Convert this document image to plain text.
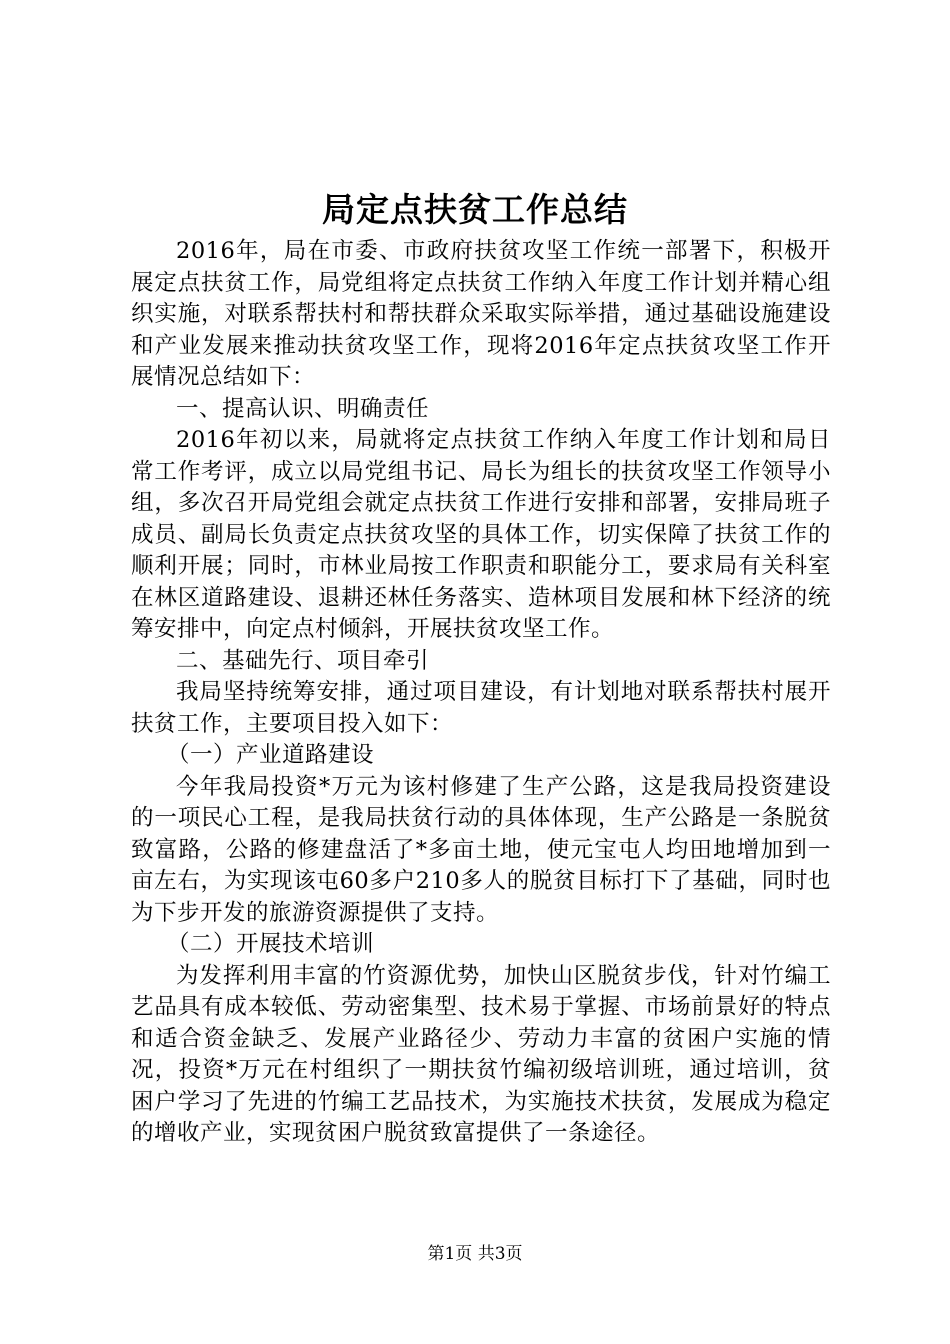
局定点扶贫工作总结

2016年，局在市委、市政府扶贫攻坚工作统一部署下，积极开展定点扶贫工作，局党组将定点扶贫工作纳入年度工作计划并精心组织实施，对联系帮扶村和帮扶群众采取实际举措，通过基础设施建设和产业发展来推动扶贫攻坚工作，现将2016年定点扶贫攻坚工作开展情况总结如下：

一、提高认识、明确责任

2016年初以来，局就将定点扶贫工作纳入年度工作计划和局日常工作考评，成立以局党组书记、局长为组长的扶贫攻坚工作领导小组，多次召开局党组会就定点扶贫工作进行安排和部署，安排局班子成员、副局长负责定点扶贫攻坚的具体工作，切实保障了扶贫工作的顺利开展；同时，市林业局按工作职责和职能分工，要求局有关科室在林区道路建设、退耕还林任务落实、造林项目发展和林下经济的统筹安排中，向定点村倾斜，开展扶贫攻坚工作。

二、基础先行、项目牵引

我局坚持统筹安排，通过项目建设，有计划地对联系帮扶村展开扶贫工作，主要项目投入如下：

（一）产业道路建设

今年我局投资*万元为该村修建了生产公路，这是我局投资建设的一项民心工程，是我局扶贫行动的具体体现，生产公路是一条脱贫致富路，公路的修建盘活了*多亩土地，使元宝屯人均田地增加到一亩左右，为实现该屯60多户210多人的脱贫目标打下了基础，同时也为下步开发的旅游资源提供了支持。

（二）开展技术培训

为发挥利用丰富的竹资源优势，加快山区脱贫步伐，针对竹编工艺品具有成本较低、劳动密集型、技术易于掌握、市场前景好的特点和适合资金缺乏、发展产业路径少、劳动力丰富的贫困户实施的情况，投资*万元在村组织了一期扶贫竹编初级培训班，通过培训，贫困户学习了先进的竹编工艺品技术，为实施技术扶贫，发展成为稳定的增收产业，实现贫困户脱贫致富提供了一条途径。

第1页 共3页
